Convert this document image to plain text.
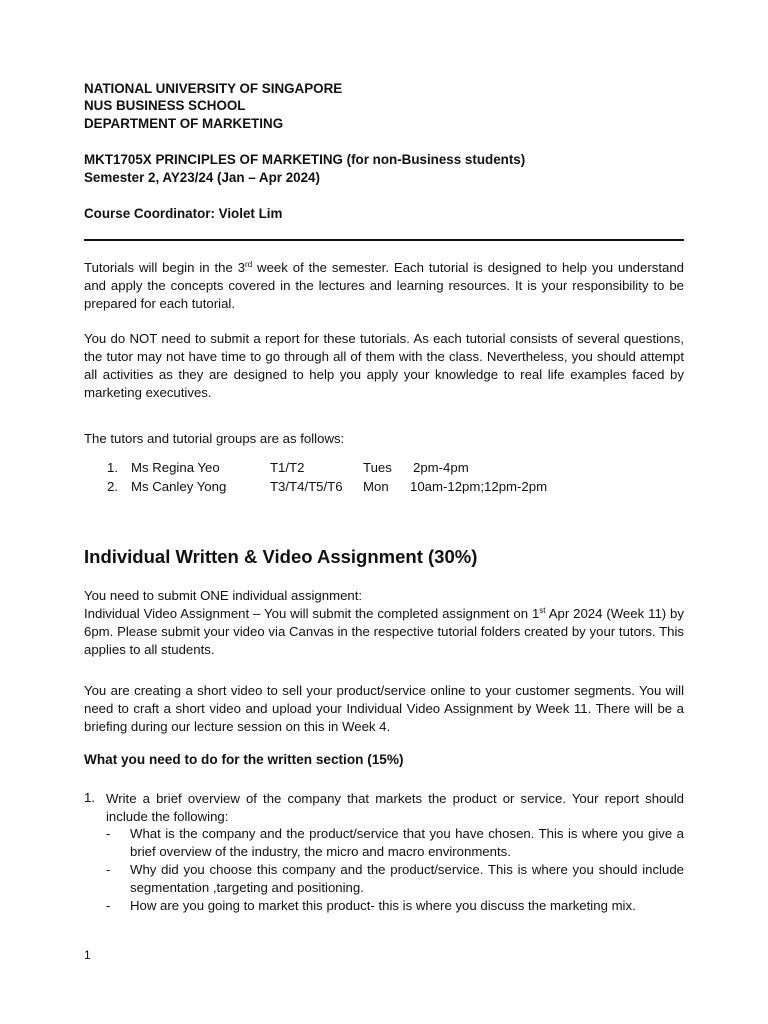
NATIONAL UNIVERSITY OF SINGAPORE
NUS BUSINESS SCHOOL
DEPARTMENT OF MARKETING
MKT1705X PRINCIPLES OF MARKETING (for non-Business students)
Semester 2, AY23/24 (Jan – Apr 2024)
Course Coordinator: Violet Lim
Tutorials will begin in the 3rd week of the semester. Each tutorial is designed to help you understand and apply the concepts covered in the lectures and learning resources. It is your responsibility to be prepared for each tutorial.
You do NOT need to submit a report for these tutorials. As each tutorial consists of several questions, the tutor may not have time to go through all of them with the class. Nevertheless, you should attempt all activities as they are designed to help you apply your knowledge to real life examples faced by marketing executives.
The tutors and tutorial groups are as follows:
1. Ms Regina Yeo	T1/T2	Tues 2pm-4pm
2. Ms Canley Yong	T3/T4/T5/T6 Mon 10am-12pm;12pm-2pm
Individual Written & Video Assignment (30%)
You need to submit ONE individual assignment:
Individual Video Assignment – You will submit the completed assignment on 1st Apr 2024 (Week 11) by 6pm. Please submit your video via Canvas in the respective tutorial folders created by your tutors. This applies to all students.
You are creating a short video to sell your product/service online to your customer segments. You will need to craft a short video and upload your Individual Video Assignment by Week 11. There will be a briefing during our lecture session on this in Week 4.
What you need to do for the written section (15%)
1. Write a brief overview of the company that markets the product or service. Your report should include the following:
- What is the company and the product/service that you have chosen. This is where you give a brief overview of the industry, the micro and macro environments.
- Why did you choose this company and the product/service. This is where you should include segmentation ,targeting and positioning.
- How are you going to market this product- this is where you discuss the marketing mix.
1
